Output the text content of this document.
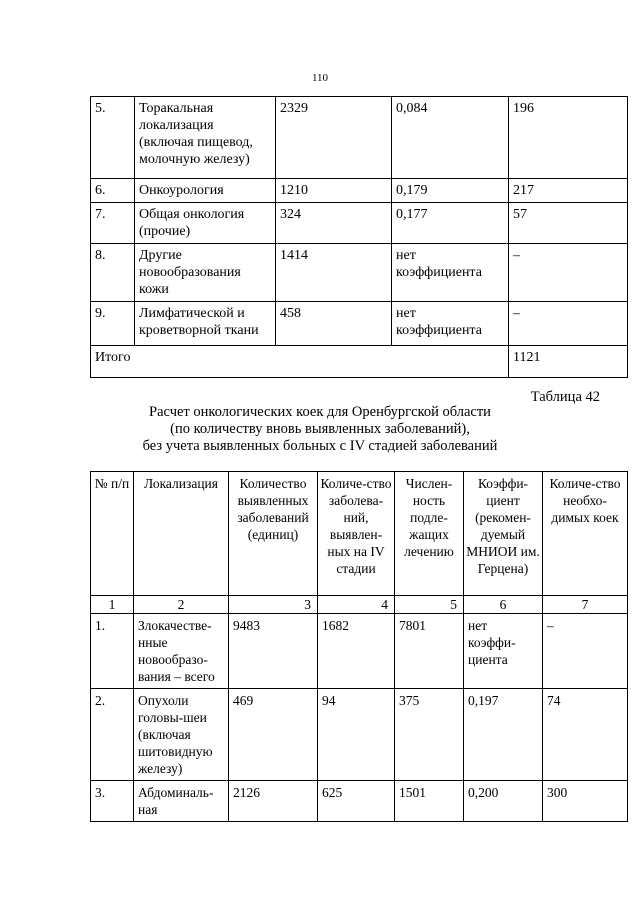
110
5.	Торакальная локализация (включая пищевод, молочную железу)	2329	0,084	196
6.	Онкоурология	1210	0,179	217
7.	Общая онкология (прочие)	324	0,177	57
8.	Другие новообразования кожи	1414	нет коэффициента	–
9.	Лимфатической и кроветворной ткани	458	нет коэффициента	–
Итого				1121
Таблица 42
Расчет онкологических коек для Оренбургской области
(по количеству вновь выявленных заболеваний),
без учета выявленных больных с IV стадией заболеваний
№ п/п	Локализация	Количество выявленных заболеваний (единиц)	Количе-ство заболева-ний, выявлен-ных на IV стадии	Числен-ность подле-жащих лечению	Коэффи-циент (рекомен-дуемый МНИОИ им. Герцена)	Количе-ство необхо-димых коек
1	2	3	4	5	6	7
1.	Злокачестве-нные новообразо-вания – всего	9483	1682	7801	нет коэффи-циента	–
2.	Опухоли головы-шеи (включая шитовидную железу)	469	94	375	0,197	74
3.	Абдоминаль-ная	2126	625	1501	0,200	300
